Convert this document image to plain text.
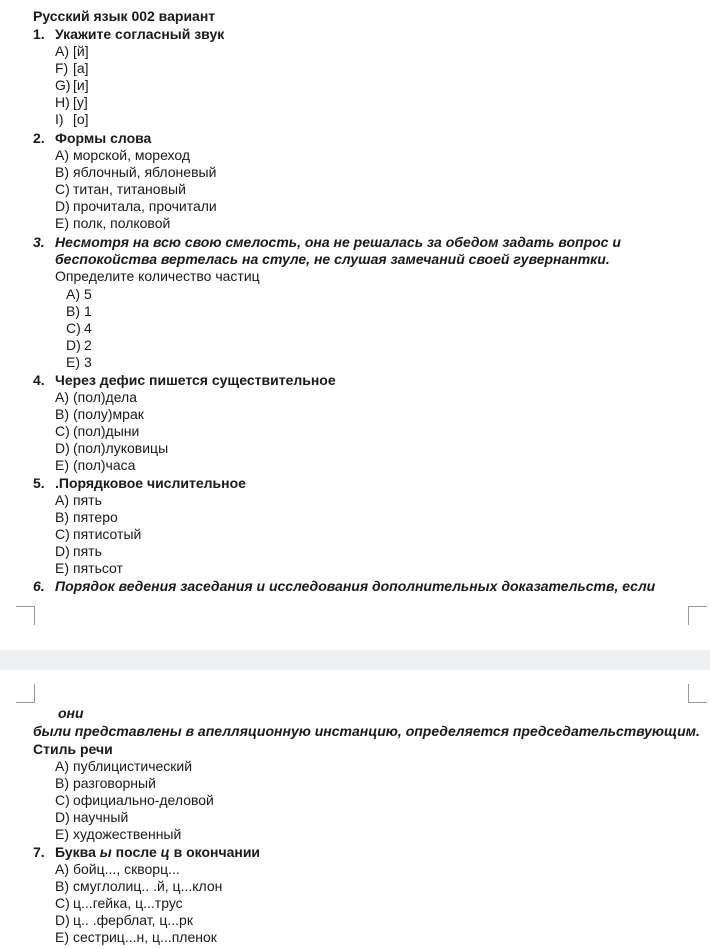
Русский язык 002 вариант
1. Укажите согласный звук
А) [й]
F) [а]
G) [и]
H) [у]
I) [о]
2. Формы слова
A) морской, мореход
B) яблочный, яблоневый
C) титан, титановый
D) прочитала, прочитали
E) полк, полковой
3. Несмотря на всю свою смелость, она не решалась за обедом задать вопрос и
беспокойства вертелась на стуле, не слушая замечаний своей гувернантки.
Определите количество частиц
A) 5
B) 1
C) 4
D) 2
E) 3
4. Через дефис пишется существительное
A) (пол)дела
B) (полу)мрак
C) (пол)дыни
D) (пол)луковицы
E) (пол)часа
5. .Порядковое числительное
A) пять
B) пятеро
C) пятисотый
D) пять
E) пятьсот
6. Порядок ведения заседания и исследования дополнительных доказательств, если
они
были представлены в апелляционную инстанцию, определяется председательствующим.
Стиль речи
A) публицистический
B) разговорный
C) официально-деловой
D) научный
E) художественный
7. Буква ы после ц в окончании
A) бойц..., скворц...
B) смуглолиц.. .й, ц...клон
C) ц...гейка, ц...трус
D) ц.. .ферблат, ц...рк
E) сестриц...н, ц...пленок
